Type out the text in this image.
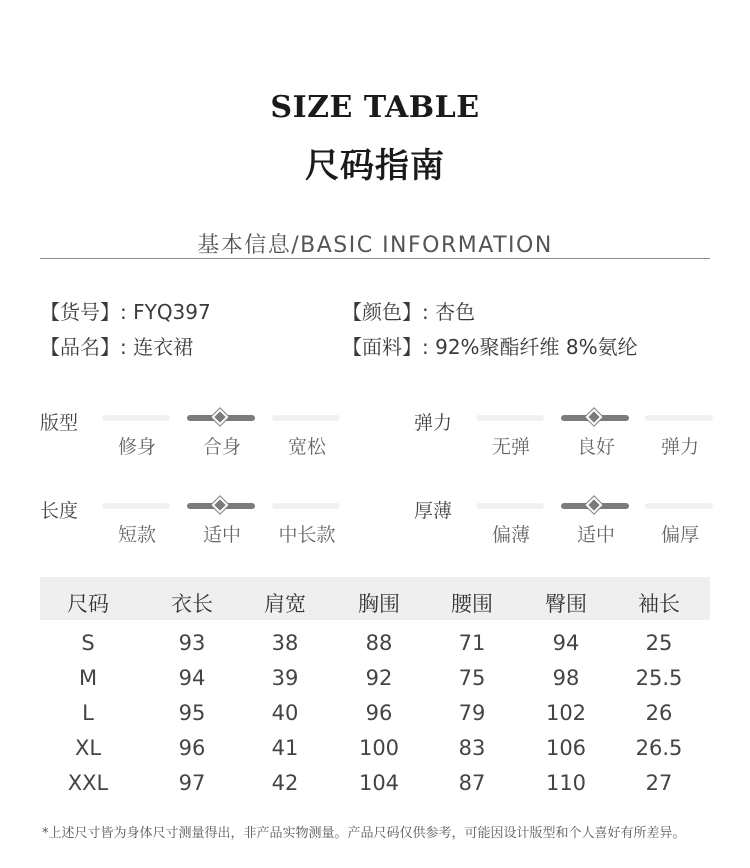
SIZE TABLE
尺码指南
基本信息/BASIC INFORMATION
【货号】: FYQ397	【颜色】: 杏色
【品名】: 连衣裙	【面料】: 92%聚酯纤维 8%氨纶
版型
修身	合身	宽松
弹力
无弹	良好	弹力
长度
短款	适中	中长款
厚薄
偏薄	适中	偏厚
尺码	衣长	肩宽	胸围	腰围	臀围	袖长
S	93	38	88	71	94	25
M	94	39	92	75	98	25.5
L	95	40	96	79	102	26
XL	96	41	100	83	106	26.5
XXL	97	42	104	87	110	27
*上述尺寸皆为身体尺寸测量得出，非产品实物测量。产品尺码仅供参考，可能因设计版型和个人喜好有所差异。
